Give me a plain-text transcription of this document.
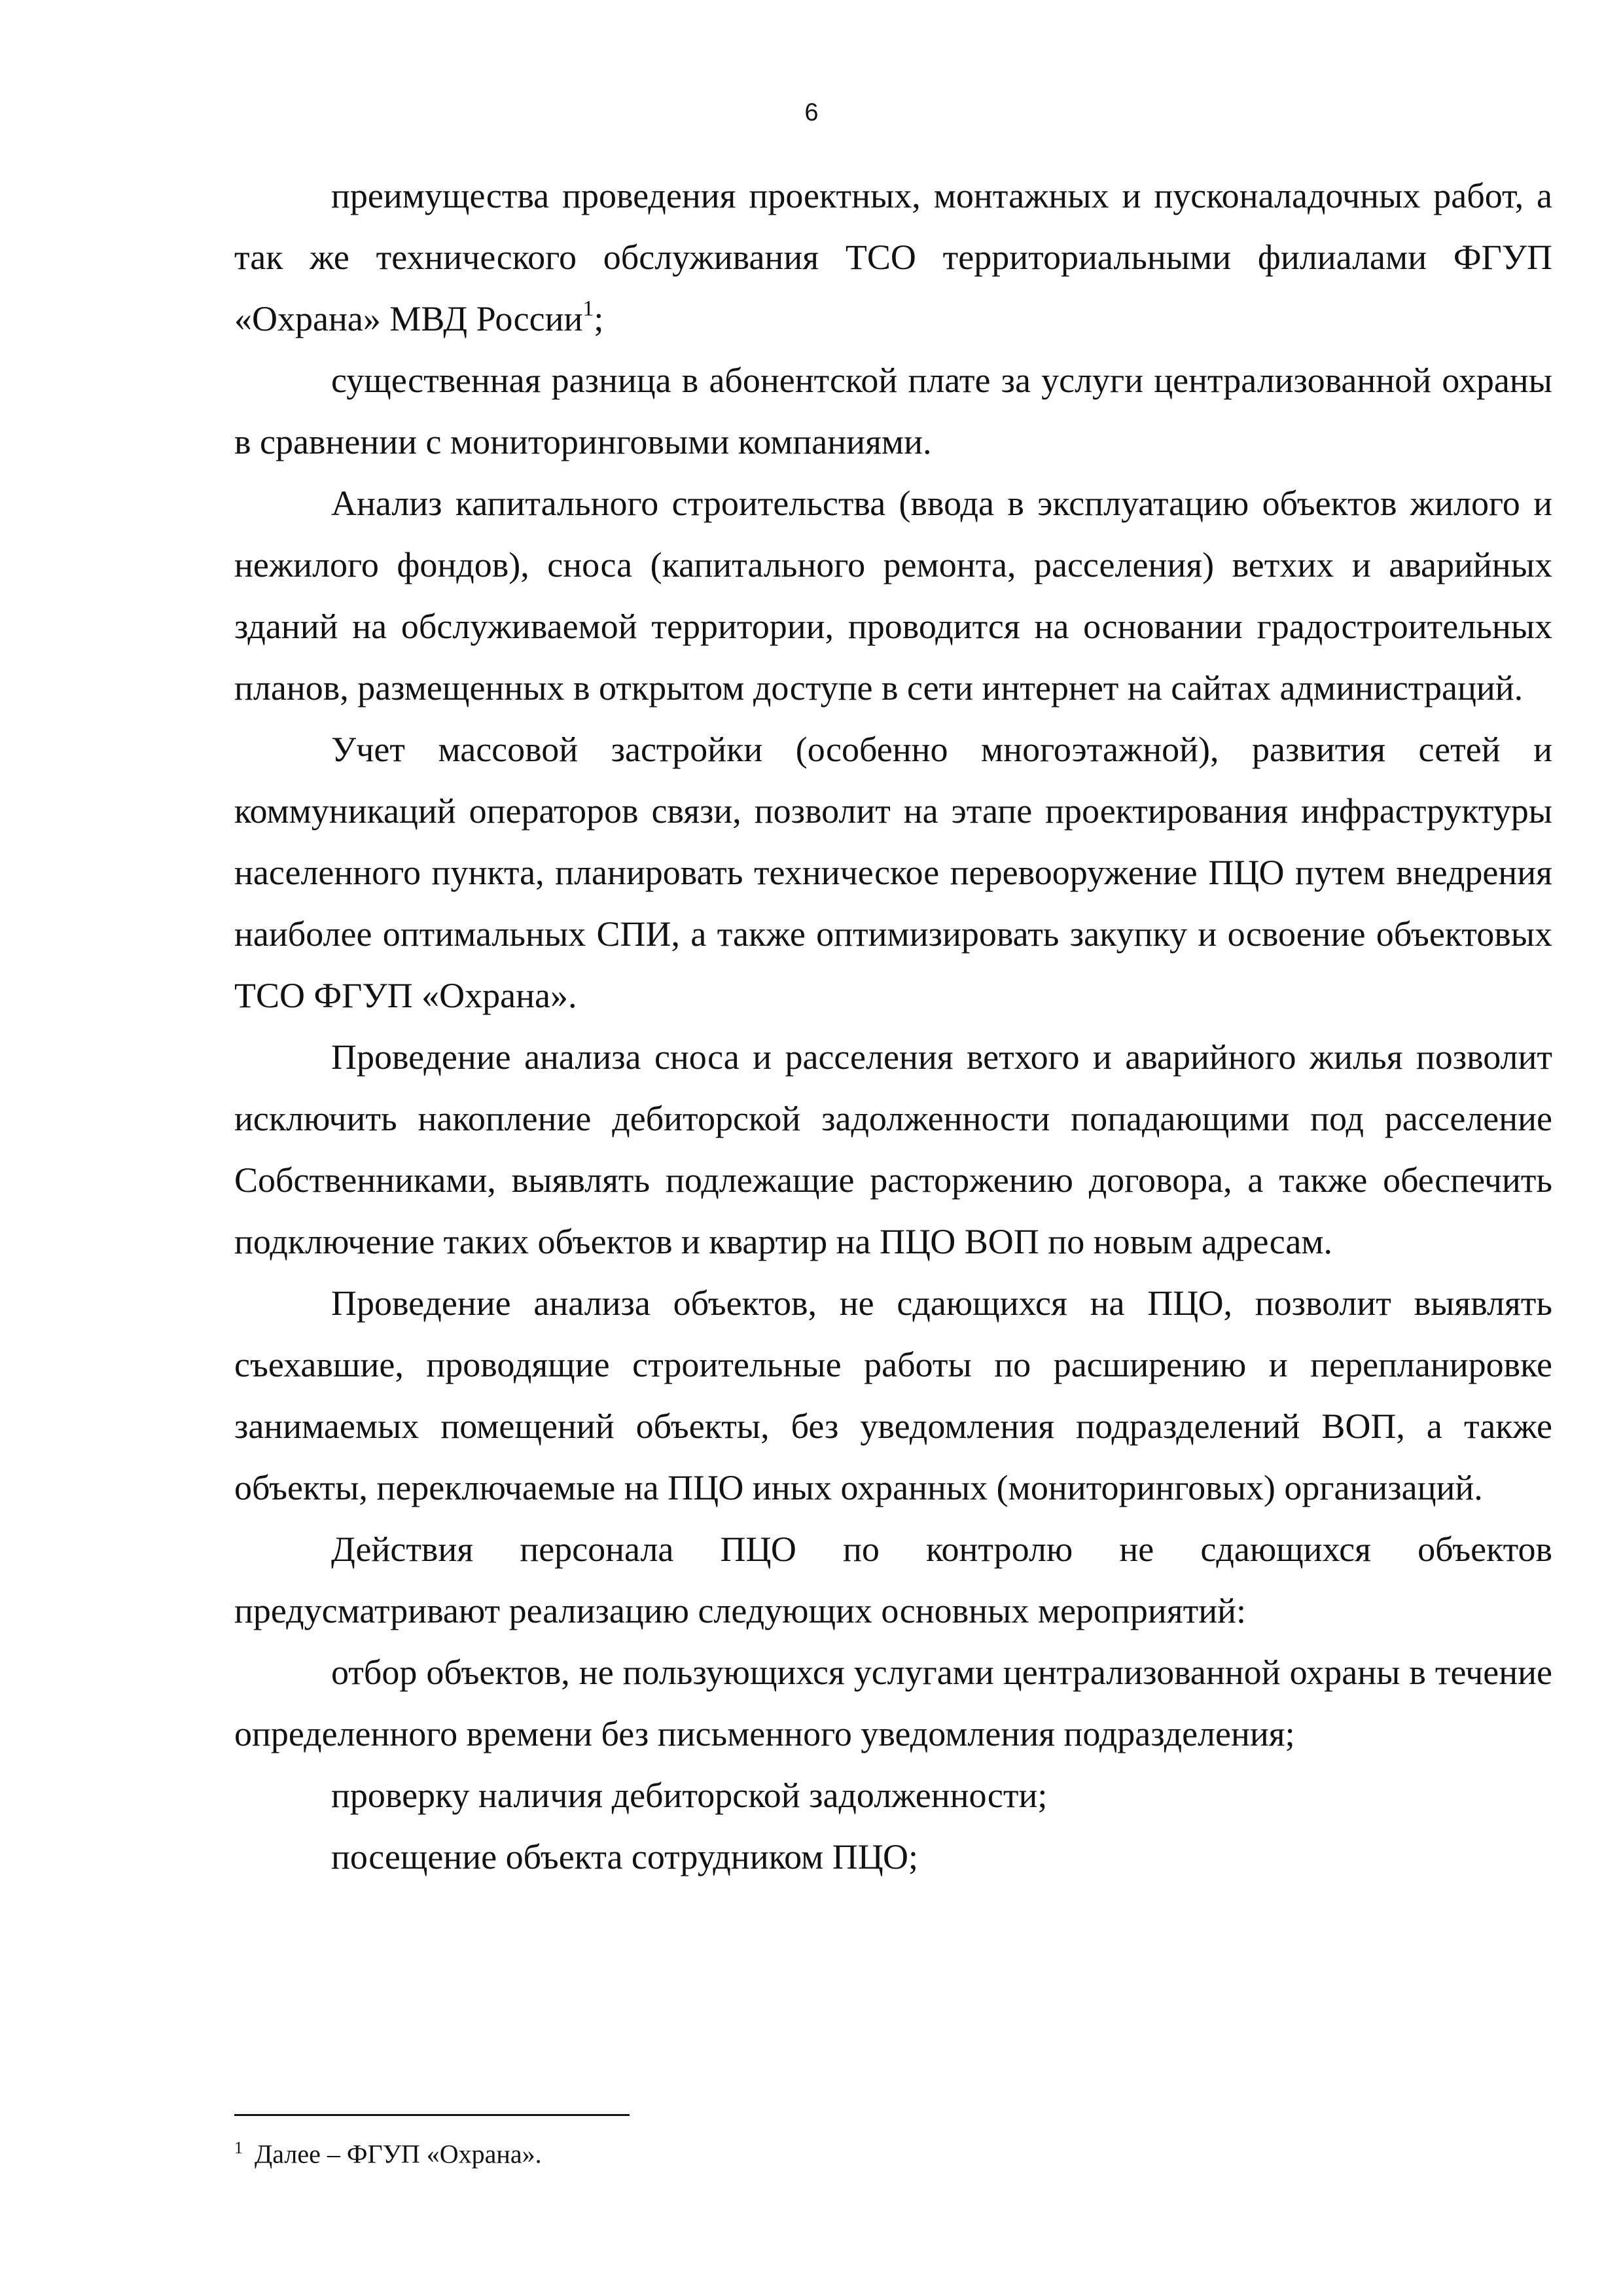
6

преимущества проведения проектных, монтажных и пусконаладочных работ, а так же технического обслуживания ТСО территориальными филиалами ФГУП «Охрана» МВД России$^1$;

существенная разница в абонентской плате за услуги централизованной охраны в сравнении с мониторинговыми компаниями.

Анализ капитального строительства (ввода в эксплуатацию объектов жилого и нежилого фондов), сноса (капитального ремонта, расселения) ветхих и аварийных зданий на обслуживаемой территории, проводится на основании градостроительных планов, размещенных в открытом доступе в сети интернет на сайтах администраций.

Учет массовой застройки (особенно многоэтажной), развития сетей и коммуникаций операторов связи, позволит на этапе проектирования инфраструктуры населенного пункта, планировать техническое перевооружение ПЦО путем внедрения наиболее оптимальных СПИ, а также оптимизировать закупку и освоение объектовых ТСО ФГУП «Охрана».

Проведение анализа сноса и расселения ветхого и аварийного жилья позволит исключить накопление дебиторской задолженности попадающими под расселение Собственниками, выявлять подлежащие расторжению договора, а также обеспечить подключение таких объектов и квартир на ПЦО ВОП по новым адресам.

Проведение анализа объектов, не сдающихся на ПЦО, позволит выявлять съехавшие, проводящие строительные работы по расширению и перепланировке занимаемых помещений объекты, без уведомления подразделений ВОП, а также объекты, переключаемые на ПЦО иных охранных (мониторинговых) организаций.

Действия персонала ПЦО по контролю не сдающихся объектов предусматривают реализацию следующих основных мероприятий:

отбор объектов, не пользующихся услугами централизованной охраны в течение определенного времени без письменного уведомления подразделения;

проверку наличия дебиторской задолженности;

посещение объекта сотрудником ПЦО;

$^1$ Далее – ФГУП «Охрана».
